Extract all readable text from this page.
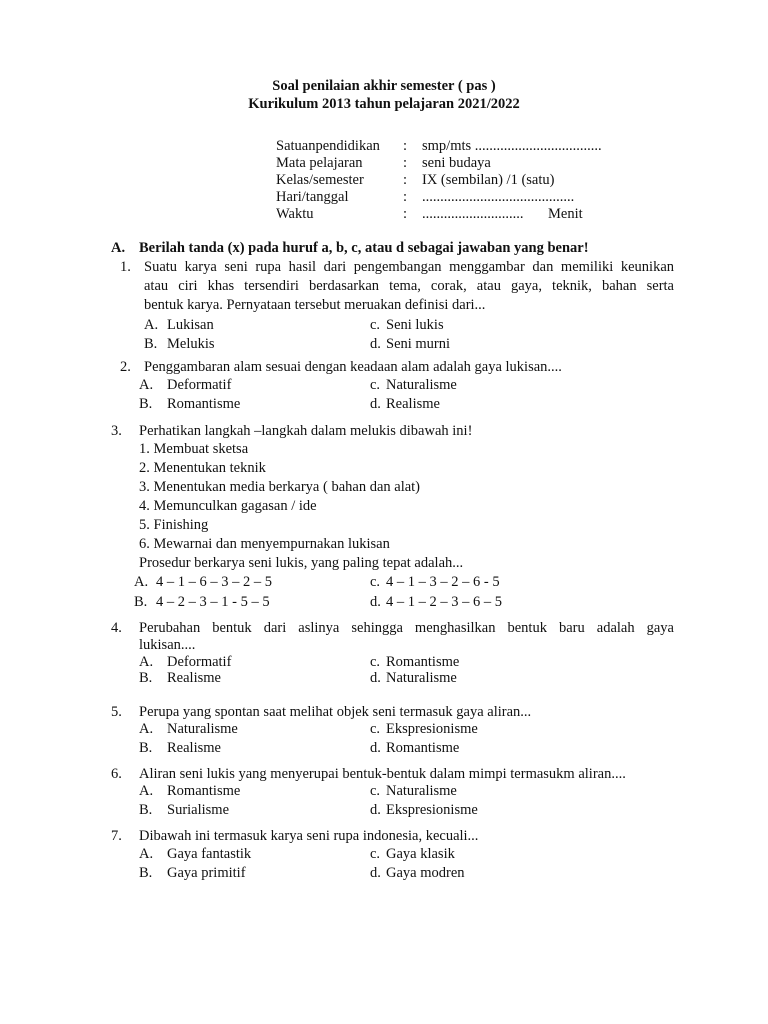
Soal penilaian akhir semester ( pas )
Kurikulum 2013 tahun pelajaran 2021/2022
Satuanpendidikan : smp/mts ...................................
Mata pelajaran	: seni budaya
Kelas/semester	: IX (sembilan) /1 (satu)
Hari/tanggal	: ..........................................
Waktu	: ............................ Menit
A. Berilah tanda (x) pada huruf a, b, c, atau d sebagai jawaban yang benar!
1. Suatu karya seni rupa hasil dari pengembangan menggambar dan memiliki keunikan
atau ciri khas tersendiri berdasarkan tema, corak, atau gaya, teknik, bahan serta
bentuk karya. Pernyataan tersebut meruakan definisi dari...
A. Lukisan	c. Seni lukis
B. Melukis	d. Seni murni
2. Penggambaran alam sesuai dengan keadaan alam adalah gaya lukisan....
A. Deformatif	c. Naturalisme
B. Romantisme	d. Realisme
3. Perhatikan langkah –langkah dalam melukis dibawah ini!
1. Membuat sketsa
2. Menentukan teknik
3. Menentukan media berkarya ( bahan dan alat)
4. Memunculkan gagasan / ide
5. Finishing
6. Mewarnai dan menyempurnakan lukisan
Prosedur berkarya seni lukis, yang paling tepat adalah...
A. 4 – 1 – 6 – 3 – 2 – 5	c. 4 – 1 – 3 – 2 – 6 - 5
B. 4 – 2 – 3 – 1 - 5 – 5	d. 4 – 1 – 2 – 3 – 6 – 5
4. Perubahan bentuk dari aslinya sehingga menghasilkan bentuk baru adalah gaya
lukisan....
A. Deformatif	c. Romantisme
B. Realisme	d. Naturalisme
5. Perupa yang spontan saat melihat objek seni termasuk gaya aliran...
A. Naturalisme	c. Ekspresionisme
B. Realisme	d. Romantisme
6. Aliran seni lukis yang menyerupai bentuk-bentuk dalam mimpi termasukm aliran....
A. Romantisme	c. Naturalisme
B. Surialisme	d. Ekspresionisme
7. Dibawah ini termasuk karya seni rupa indonesia, kecuali...
A. Gaya fantastik	c. Gaya klasik
B. Gaya primitif	d. Gaya modren
